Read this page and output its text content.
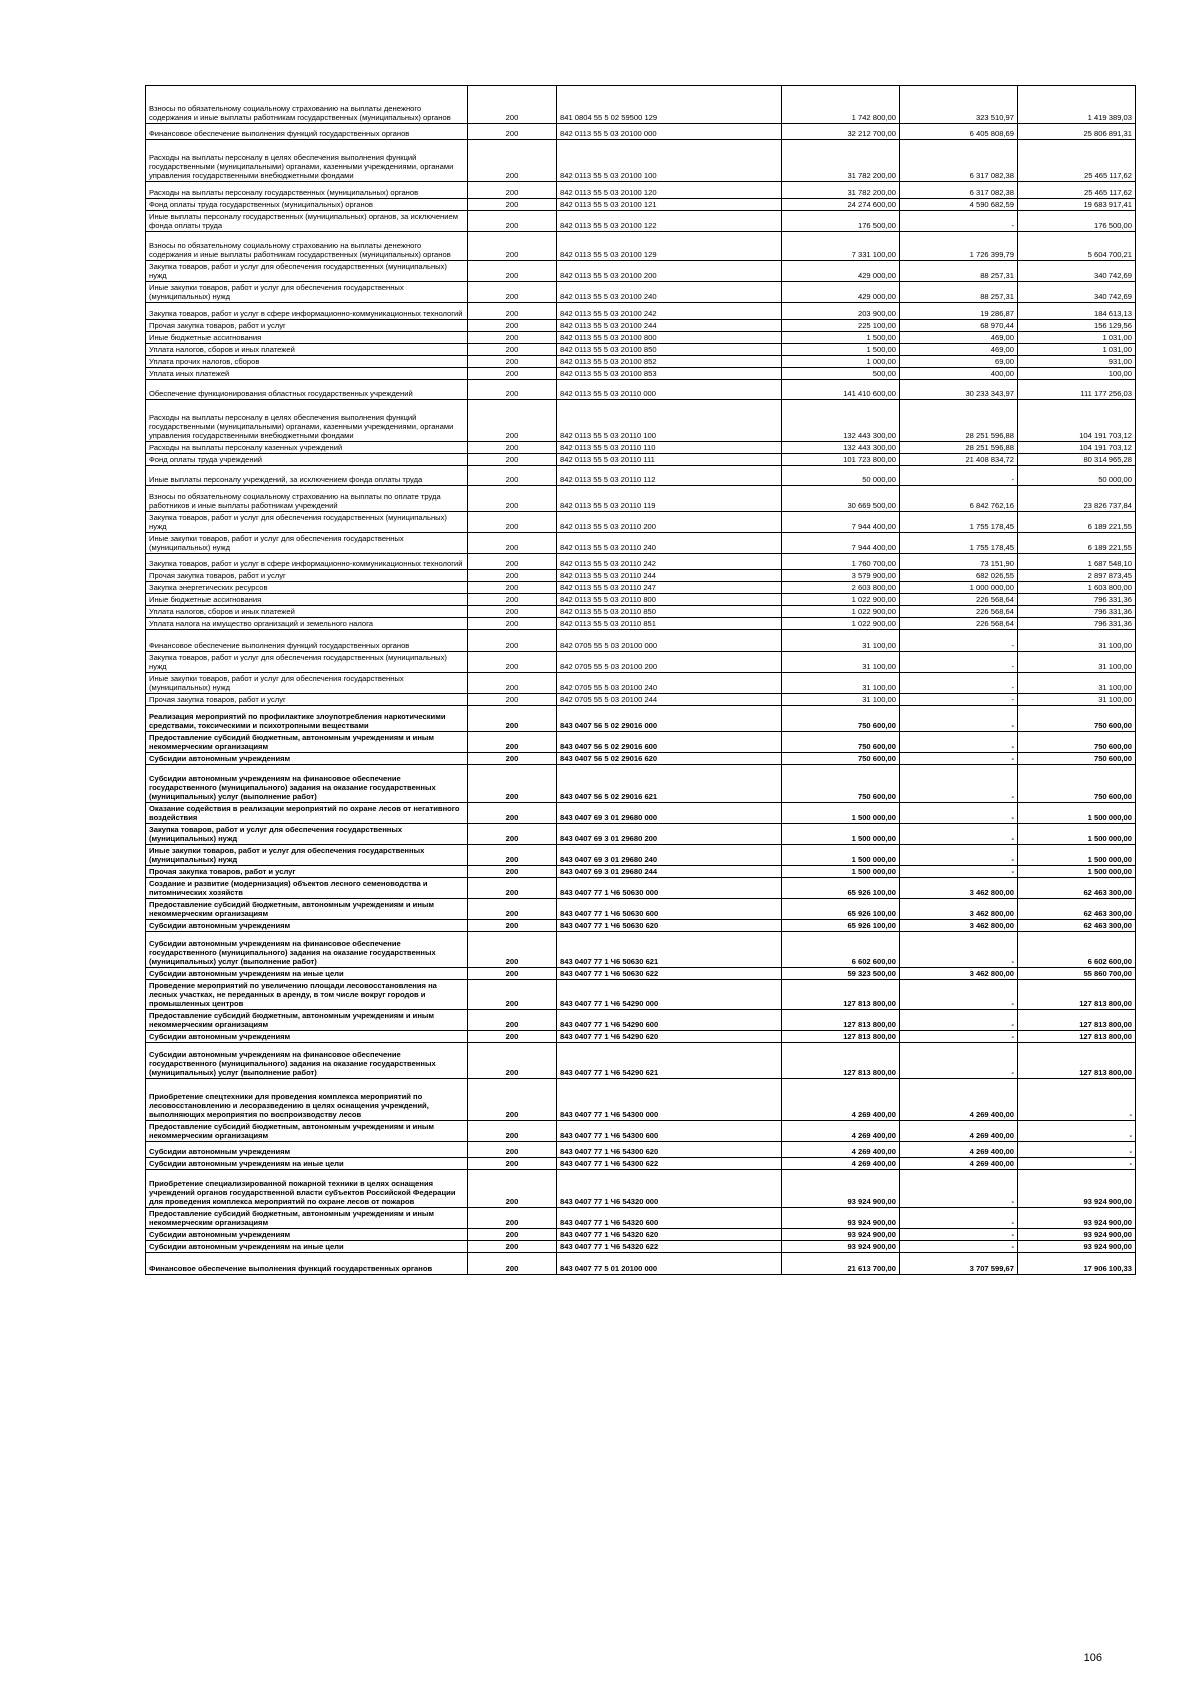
Взносы по обязательному социальному страхованию на выплаты денежного содержания и иные выплаты работникам государственных (муниципальных) органов	200	841 0804 55 5 02 59500 129	1 742 800,00	323 510,97	1 419 389,03
Финансовое обеспечение выполнения функций государственных органов	200	842 0113 55 5 03 20100 000	32 212 700,00	6 405 808,69	25 806 891,31
Расходы на выплаты персоналу в целях обеспечения выполнения функций государственными (муниципальными) органами, казенными учреждениями, органами управления государственными внебюджетными фондами	200	842 0113 55 5 03 20100 100	31 782 200,00	6 317 082,38	25 465 117,62
Расходы на выплаты персоналу государственных (муниципальных) органов	200	842 0113 55 5 03 20100 120	31 782 200,00	6 317 082,38	25 465 117,62
Фонд оплаты труда государственных (муниципальных) органов	200	842 0113 55 5 03 20100 121	24 274 600,00	4 590 682,59	19 683 917,41
Иные выплаты персоналу государственных (муниципальных) органов, за исключением фонда оплаты труда	200	842 0113 55 5 03 20100 122	176 500,00	-	176 500,00
Взносы по обязательному социальному страхованию на выплаты денежного содержания и иные выплаты работникам государственных (муниципальных) органов	200	842 0113 55 5 03 20100 129	7 331 100,00	1 726 399,79	5 604 700,21
Закупка товаров, работ и услуг для обеспечения государственных (муниципальных) нужд	200	842 0113 55 5 03 20100 200	429 000,00	88 257,31	340 742,69
Иные закупки товаров, работ и услуг для обеспечения государственных (муниципальных) нужд	200	842 0113 55 5 03 20100 240	429 000,00	88 257,31	340 742,69
Закупка товаров, работ и услуг в сфере информационно-коммуникационных технологий	200	842 0113 55 5 03 20100 242	203 900,00	19 286,87	184 613,13
Прочая закупка товаров, работ и услуг	200	842 0113 55 5 03 20100 244	225 100,00	68 970,44	156 129,56
Иные бюджетные ассигнования	200	842 0113 55 5 03 20100 800	1 500,00	469,00	1 031,00
Уплата налогов, сборов и иных платежей	200	842 0113 55 5 03 20100 850	1 500,00	469,00	1 031,00
Уплата прочих налогов, сборов	200	842 0113 55 5 03 20100 852	1 000,00	69,00	931,00
Уплата иных платежей	200	842 0113 55 5 03 20100 853	500,00	400,00	100,00
Обеспечение функционирования областных государственных учреждений	200	842 0113 55 5 03 20110 000	141 410 600,00	30 233 343,97	111 177 256,03
Расходы на выплаты персоналу в целях обеспечения выполнения функций государственными (муниципальными) органами, казенными учреждениями, органами управления государственными внебюджетными фондами	200	842 0113 55 5 03 20110 100	132 443 300,00	28 251 596,88	104 191 703,12
Расходы на выплаты персоналу казенных учреждений	200	842 0113 55 5 03 20110 110	132 443 300,00	28 251 596,88	104 191 703,12
Фонд оплаты труда учреждений	200	842 0113 55 5 03 20110 111	101 723 800,00	21 408 834,72	80 314 965,28
Иные выплаты персоналу учреждений, за исключением фонда оплаты труда	200	842 0113 55 5 03 20110 112	50 000,00	-	50 000,00
Взносы по обязательному социальному страхованию на выплаты по оплате труда работников и иные выплаты работникам учреждений	200	842 0113 55 5 03 20110 119	30 669 500,00	6 842 762,16	23 826 737,84
Закупка товаров, работ и услуг для обеспечения государственных (муниципальных) нужд	200	842 0113 55 5 03 20110 200	7 944 400,00	1 755 178,45	6 189 221,55
Иные закупки товаров, работ и услуг для обеспечения государственных (муниципальных) нужд	200	842 0113 55 5 03 20110 240	7 944 400,00	1 755 178,45	6 189 221,55
Закупка товаров, работ и услуг в сфере информационно-коммуникационных технологий	200	842 0113 55 5 03 20110 242	1 760 700,00	73 151,90	1 687 548,10
Прочая закупка товаров, работ и услуг	200	842 0113 55 5 03 20110 244	3 579 900,00	682 026,55	2 897 873,45
Закупка энергетических ресурсов	200	842 0113 55 5 03 20110 247	2 603 800,00	1 000 000,00	1 603 800,00
Иные бюджетные ассигнования	200	842 0113 55 5 03 20110 800	1 022 900,00	226 568,64	796 331,36
Уплата налогов, сборов и иных платежей	200	842 0113 55 5 03 20110 850	1 022 900,00	226 568,64	796 331,36
Уплата налога на имущество организаций и земельного налога	200	842 0113 55 5 03 20110 851	1 022 900,00	226 568,64	796 331,36
Финансовое обеспечение выполнения функций государственных органов	200	842 0705 55 5 03 20100 000	31 100,00	-	31 100,00
Закупка товаров, работ и услуг для обеспечения государственных (муниципальных) нужд	200	842 0705 55 5 03 20100 200	31 100,00	-	31 100,00
Иные закупки товаров, работ и услуг для обеспечения государственных (муниципальных) нужд	200	842 0705 55 5 03 20100 240	31 100,00	-	31 100,00
Прочая закупка товаров, работ и услуг	200	842 0705 55 5 03 20100 244	31 100,00	-	31 100,00
Реализация мероприятий по профилактике злоупотребления наркотическими средствами, токсическими и психотропными веществами	200	843 0407 56 5 02 29016 000	750 600,00	-	750 600,00
Предоставление субсидий бюджетным, автономным учреждениям и иным некоммерческим организациям	200	843 0407 56 5 02 29016 600	750 600,00	-	750 600,00
Субсидии автономным учреждениям	200	843 0407 56 5 02 29016 620	750 600,00	-	750 600,00
Субсидии автономным учреждениям на финансовое обеспечение государственного (муниципального) задания на оказание государственных (муниципальных) услуг (выполнение работ)	200	843 0407 56 5 02 29016 621	750 600,00	-	750 600,00
Оказание содействия в реализации мероприятий по охране лесов от негативного воздействия	200	843 0407 69 3 01 29680 000	1 500 000,00	-	1 500 000,00
Закупка товаров, работ и услуг для обеспечения государственных (муниципальных) нужд	200	843 0407 69 3 01 29680 200	1 500 000,00	-	1 500 000,00
Иные закупки товаров, работ и услуг для обеспечения государственных (муниципальных) нужд	200	843 0407 69 3 01 29680 240	1 500 000,00	-	1 500 000,00
Прочая закупка товаров, работ и услуг	200	843 0407 69 3 01 29680 244	1 500 000,00	-	1 500 000,00
Создание и развитие (модернизация) объектов лесного семеноводства и питомнических хозяйств	200	843 0407 77 1 Ч6 50630 000	65 926 100,00	3 462 800,00	62 463 300,00
Предоставление субсидий бюджетным, автономным учреждениям и иным некоммерческим организациям	200	843 0407 77 1 Ч6 50630 600	65 926 100,00	3 462 800,00	62 463 300,00
Субсидии автономным учреждениям	200	843 0407 77 1 Ч6 50630 620	65 926 100,00	3 462 800,00	62 463 300,00
Субсидии автономным учреждениям на финансовое обеспечение государственного (муниципального) задания на оказание государственных (муниципальных) услуг (выполнение работ)	200	843 0407 77 1 Ч6 50630 621	6 602 600,00	-	6 602 600,00
Субсидии автономным учреждениям на иные цели	200	843 0407 77 1 Ч6 50630 622	59 323 500,00	3 462 800,00	55 860 700,00
Проведение мероприятий по увеличению площади лесовосстановления на лесных участках, не переданных в аренду, в том числе вокруг городов и промышленных центров	200	843 0407 77 1 Ч6 54290 000	127 813 800,00	-	127 813 800,00
Предоставление субсидий бюджетным, автономным учреждениям и иным некоммерческим организациям	200	843 0407 77 1 Ч6 54290 600	127 813 800,00	-	127 813 800,00
Субсидии автономным учреждениям	200	843 0407 77 1 Ч6 54290 620	127 813 800,00	-	127 813 800,00
Субсидии автономным учреждениям на финансовое обеспечение государственного (муниципального) задания на оказание государственных (муниципальных) услуг (выполнение работ)	200	843 0407 77 1 Ч6 54290 621	127 813 800,00	-	127 813 800,00
Приобретение спецтехники для проведения комплекса мероприятий по лесовосстановлению и лесоразведению в целях оснащения учреждений, выполняющих мероприятия по воспроизводству лесов	200	843 0407 77 1 Ч6 54300 000	4 269 400,00	4 269 400,00	-
Предоставление субсидий бюджетным, автономным учреждениям и иным некоммерческим организациям	200	843 0407 77 1 Ч6 54300 600	4 269 400,00	4 269 400,00	-
Субсидии автономным учреждениям	200	843 0407 77 1 Ч6 54300 620	4 269 400,00	4 269 400,00	-
Субсидии автономным учреждениям на иные цели	200	843 0407 77 1 Ч6 54300 622	4 269 400,00	4 269 400,00	-
Приобретение специализированной пожарной техники в целях оснащения учреждений органов государственной власти субъектов Российской Федерации для проведения комплекса мероприятий по охране лесов от пожаров	200	843 0407 77 1 Ч6 54320 000	93 924 900,00	-	93 924 900,00
Предоставление субсидий бюджетным, автономным учреждениям и иным некоммерческим организациям	200	843 0407 77 1 Ч6 54320 600	93 924 900,00	-	93 924 900,00
Субсидии автономным учреждениям	200	843 0407 77 1 Ч6 54320 620	93 924 900,00	-	93 924 900,00
Субсидии автономным учреждениям на иные цели	200	843 0407 77 1 Ч6 54320 622	93 924 900,00	-	93 924 900,00
Финансовое обеспечение выполнения функций государственных органов	200	843 0407 77 5 01 20100 000	21 613 700,00	3 707 599,67	17 906 100,33
106
